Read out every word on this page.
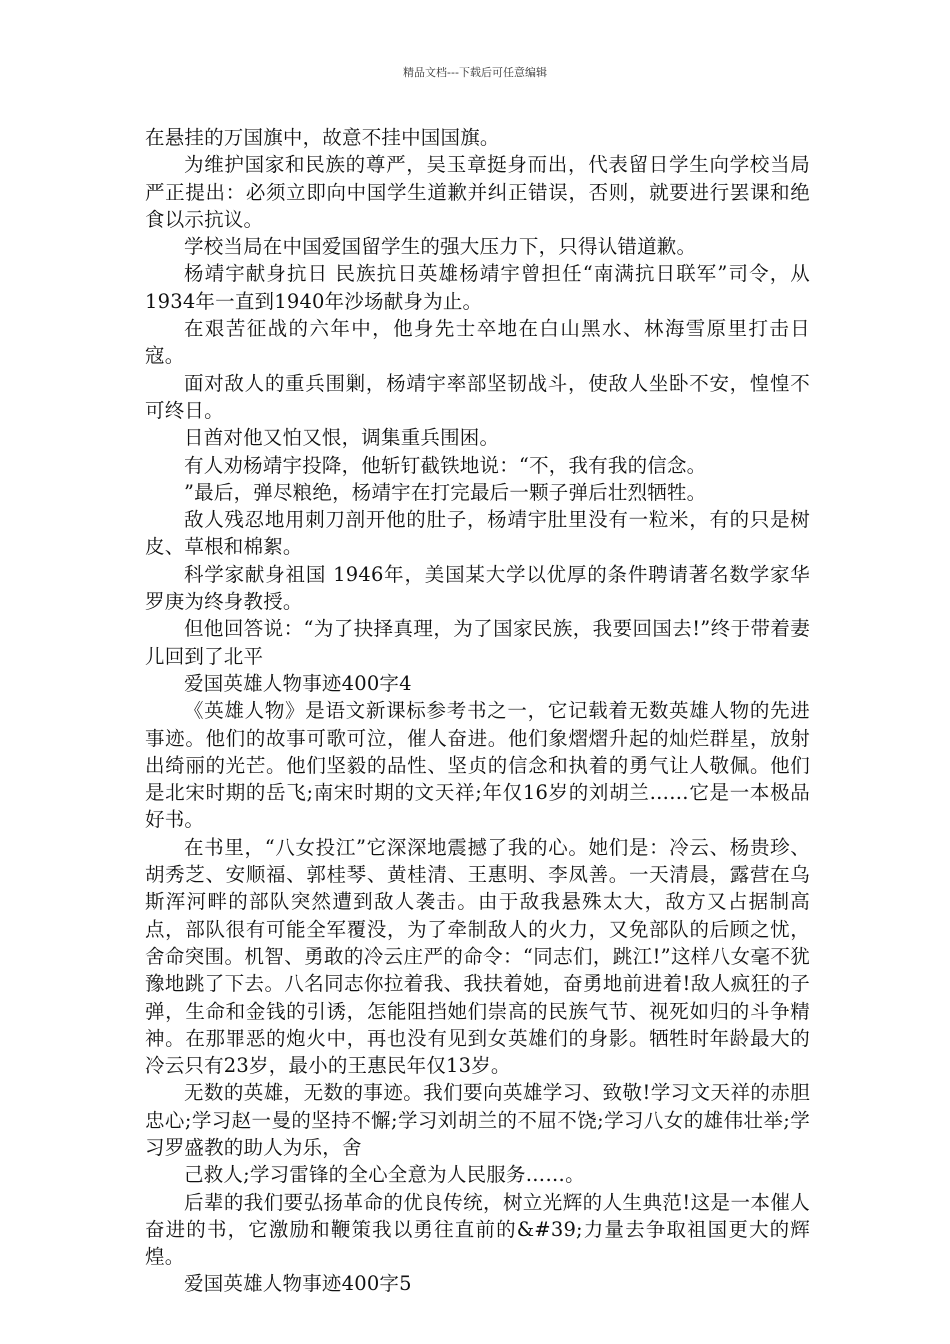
精品文档---下载后可任意编辑

在悬挂的万国旗中，故意不挂中国国旗。

为维护国家和民族的尊严，吴玉章挺身而出，代表留日学生向学校当局严正提出：必须立即向中国学生道歉并纠正错误，否则，就要进行罢课和绝食以示抗议。

学校当局在中国爱国留学生的强大压力下，只得认错道歉。

杨靖宇献身抗日 民族抗日英雄杨靖宇曾担任“南满抗日联军”司令，从1934年一直到1940年沙场献身为止。

在艰苦征战的六年中，他身先士卒地在白山黑水、林海雪原里打击日寇。

面对敌人的重兵围剿，杨靖宇率部坚韧战斗，使敌人坐卧不安，惶惶不可终日。

日酋对他又怕又恨，调集重兵围困。

有人劝杨靖宇投降，他斩钉截铁地说：“不，我有我的信念。

”最后，弹尽粮绝，杨靖宇在打完最后一颗子弹后壮烈牺牲。

敌人残忍地用刺刀剖开他的肚子，杨靖宇肚里没有一粒米，有的只是树皮、草根和棉絮。

科学家献身祖国 1946年，美国某大学以优厚的条件聘请著名数学家华罗庚为终身教授。

但他回答说：“为了抉择真理，为了国家民族，我要回国去!”终于带着妻儿回到了北平

爱国英雄人物事迹400字4

《英雄人物》是语文新课标参考书之一，它记载着无数英雄人物的先进事迹。他们的故事可歌可泣，催人奋进。他们象熠熠升起的灿烂群星，放射出绮丽的光芒。他们坚毅的品性、坚贞的信念和执着的勇气让人敬佩。他们是北宋时期的岳飞;南宋时期的文天祥;年仅16岁的刘胡兰……它是一本极品好书。

在书里，“八女投江”它深深地震撼了我的心。她们是：冷云、杨贵珍、胡秀芝、安顺福、郭桂琴、黄桂清、王惠明、李凤善。一天清晨，露营在乌斯浑河畔的部队突然遭到敌人袭击。由于敌我悬殊太大，敌方又占据制高点，部队很有可能全军覆没，为了牵制敌人的火力，又免部队的后顾之忧，舍命突围。机智、勇敢的冷云庄严的命令：“同志们，跳江!”这样八女毫不犹豫地跳了下去。八名同志你拉着我、我扶着她，奋勇地前进着!敌人疯狂的子弹，生命和金钱的引诱，怎能阻挡她们崇高的民族气节、视死如归的斗争精神。在那罪恶的炮火中，再也没有见到女英雄们的身影。牺牲时年龄最大的冷云只有23岁，最小的王惠民年仅13岁。

无数的英雄，无数的事迹。我们要向英雄学习、致敬!学习文天祥的赤胆忠心;学习赵一曼的坚持不懈;学习刘胡兰的不屈不饶;学习八女的雄伟壮举;学习罗盛教的助人为乐，舍

己救人;学习雷锋的全心全意为人民服务……。

后辈的我们要弘扬革命的优良传统，树立光辉的人生典范!这是一本催人奋进的书，它激励和鞭策我以勇往直前的&#39;力量去争取祖国更大的辉煌。

爱国英雄人物事迹400字5
